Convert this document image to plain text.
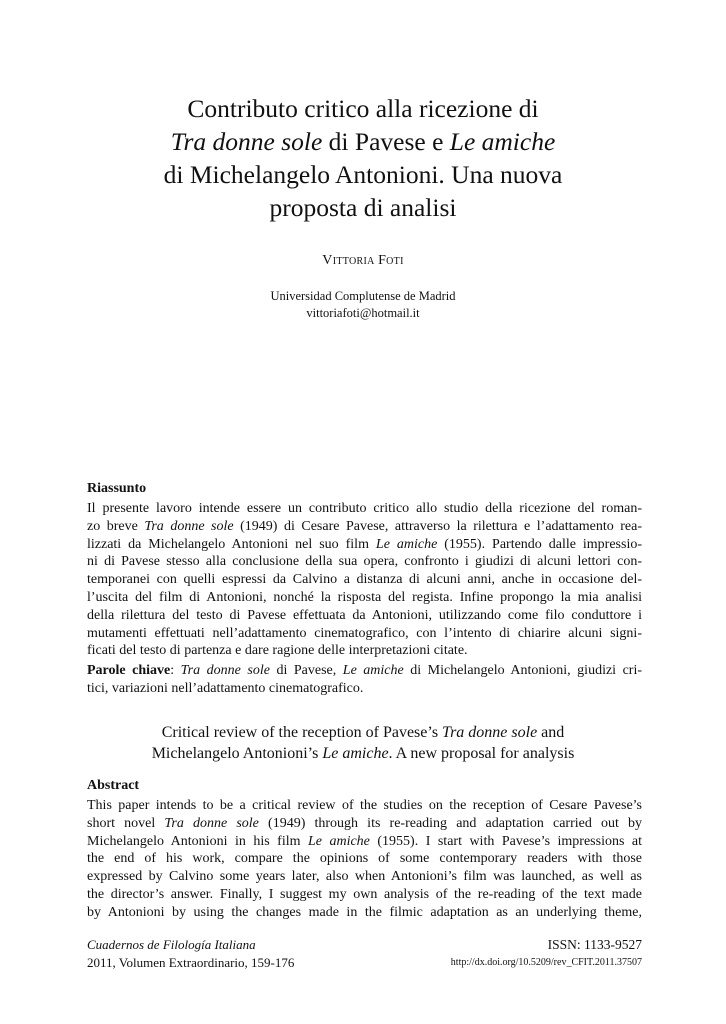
Contributo critico alla ricezione di
Tra donne sole di Pavese e Le amiche
di Michelangelo Antonioni. Una nuova
proposta di analisi
Vittoria Foti
Universidad Complutense de Madrid
vittoriafoti@hotmail.it
Riassunto
Il presente lavoro intende essere un contributo critico allo studio della ricezione del roman-
zo breve Tra donne sole (1949) di Cesare Pavese, attraverso la rilettura e l’adattamento rea-
lizzati da Michelangelo Antonioni nel suo film Le amiche (1955). Partendo dalle impressio-
ni di Pavese stesso alla conclusione della sua opera, confronto i giudizi di alcuni lettori con-
temporanei con quelli espressi da Calvino a distanza di alcuni anni, anche in occasione del-
l’uscita del film di Antonioni, nonché la risposta del regista. Infine propongo la mia analisi
della rilettura del testo di Pavese effettuata da Antonioni, utilizzando come filo conduttore i
mutamenti effettuati nell’adattamento cinematografico, con l’intento di chiarire alcuni signi-
ficati del testo di partenza e dare ragione delle interpretazioni citate.
Parole chiave: Tra donne sole di Pavese, Le amiche di Michelangelo Antonioni, giudizi cri-
tici, variazioni nell’adattamento cinematografico.
Critical review of the reception of Pavese’s Tra donne sole and
Michelangelo Antonioni’s Le amiche. A new proposal for analysis
Abstract
This paper intends to be a critical review of the studies on the reception of Cesare Pavese’s
short novel Tra donne sole (1949) through its re-reading and adaptation carried out by
Michelangelo Antonioni in his film Le amiche (1955). I start with Pavese’s impressions at
the end of his work, compare the opinions of some contemporary readers with those
expressed by Calvino some years later, also when Antonioni’s film was launched, as well as
the director’s answer. Finally, I suggest my own analysis of the re-reading of the text made
by Antonioni by using the changes made in the filmic adaptation as an underlying theme,
Cuadernos de Filología Italiana
2011, Volumen Extraordinario, 159-176
ISSN: 1133-9527
http://dx.doi.org/10.5209/rev_CFIT.2011.37507
